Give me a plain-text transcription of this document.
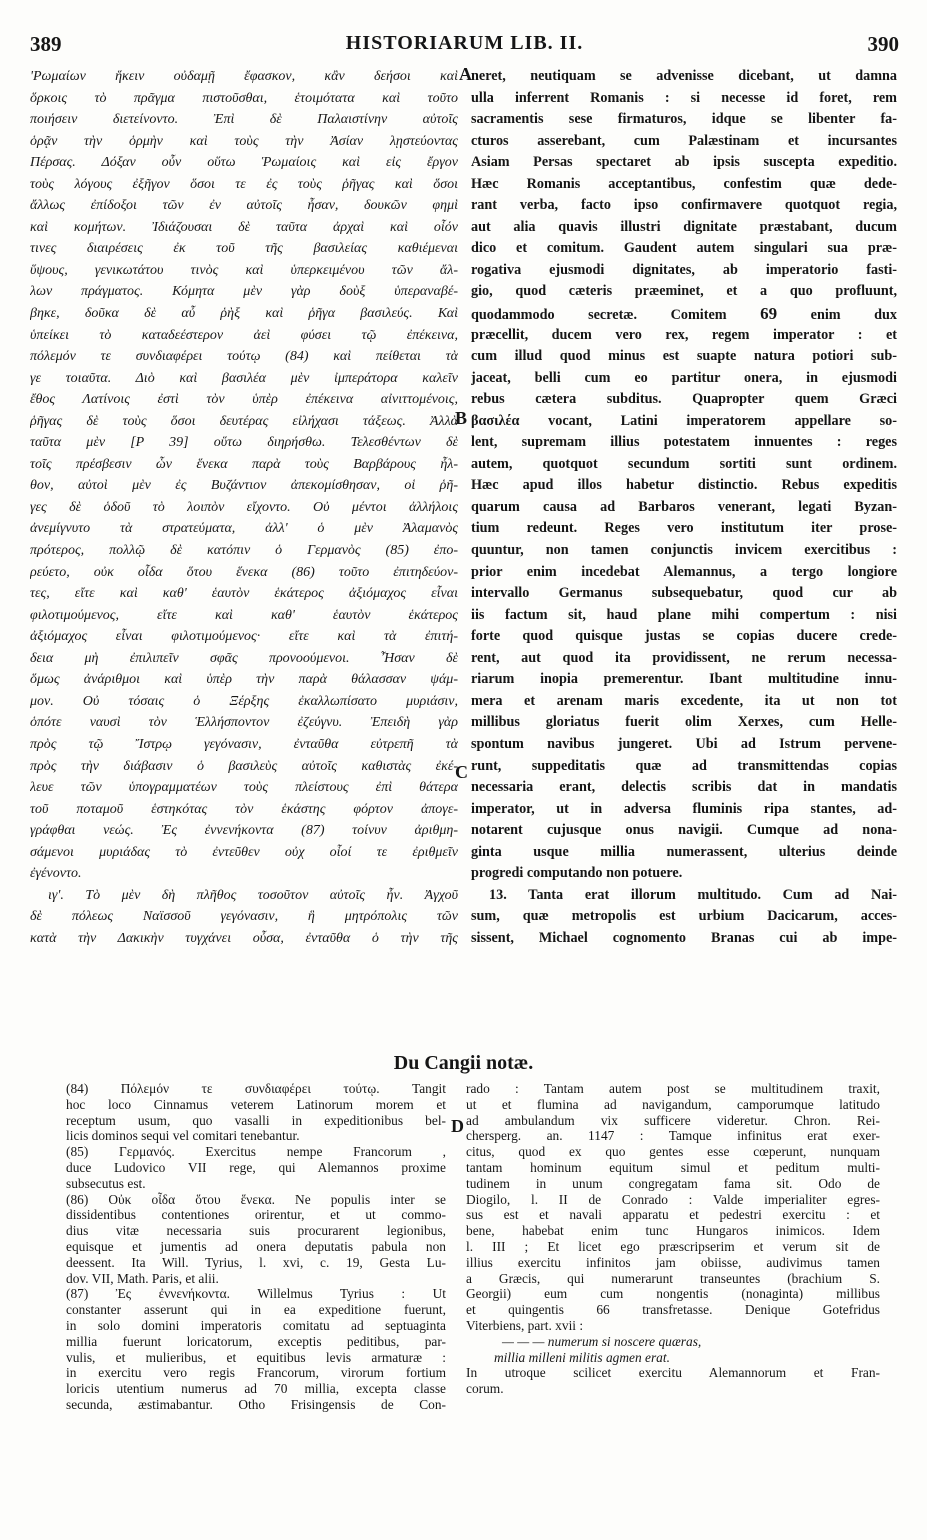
389	HISTORIARUM LIB. II.	390
'Ρωμαίων ἥκειν οὐδαμῇ ἔφασκον, κἂν δεήσοι καὶ
ὅρκοις τὸ πρᾶγμα πιστοῦσθαι, ἑτοιμότατα καὶ τοῦτο
ποιήσειν διετείνοντο. Ἐπὶ δὲ Παλαιστίνην αὐτοῖς
ὁρᾷν τὴν ὁρμὴν καὶ τοὺς τὴν Ἀσίαν λῃστεύοντας
Πέρσας. Δόξαν οὖν οὕτω Ῥωμαίοις καὶ εἰς ἔργον
τοὺς λόγους ἐξῆγον ὅσοι τε ἐς τοὺς ῥῆγας καὶ ὅσοι
ἄλλως ἐπίδοξοι τῶν ἐν αὐτοῖς ἦσαν, δουκῶν φημὶ
καὶ κομήτων. Ἰδιάζουσαι δὲ ταῦτα ἀρχαὶ καὶ οἷόν
τινες διαιρέσεις ἐκ τοῦ τῆς βασιλείας καθιέμεναι
ὕψους, γενικωτάτου τινὸς καὶ ὑπερκειμένου τῶν ἄλ-
λων πράγματος. Κόμητα μὲν γὰρ δοὺξ ὑπεραναβέ-
βηκε, δοῦκα δὲ αὖ ῥὴξ καὶ ῥῆγα βασιλεύς. Καὶ
ὑπείκει τὸ καταδεέστερον ἀεὶ φύσει τῷ ἐπέκεινα,
πόλεμόν τε συνδιαφέρει τούτῳ (84) καὶ πείθεται τὰ
γε τοιαῦτα. Διὸ καὶ βασιλέα μὲν ἰμπεράτορα καλεῖν
ἔθος Λατίνοις ἐστὶ τὸν ὑπὲρ ἐπέκεινα αἰνιττομένοις,
ῥῆγας δὲ τοὺς ὅσοι δευτέρας εἰλήχασι τάξεως. Ἀλλὰ
ταῦτα μὲν [P 39] οὕτω διηρήσθω. Τελεσθέντων δὲ
τοῖς πρέσβεσιν ὧν ἕνεκα παρὰ τοὺς Βαρβάρους ἦλ-
θον, αὐτοὶ μὲν ἐς Βυζάντιον ἀπεκομίσθησαν, οἱ ῥῆ-
γες δὲ ὁδοῦ τὸ λοιπὸν εἴχοντο. Οὐ μέντοι ἀλλήλοις
ἀνεμίγνυτο τὰ στρατεύματα, ἀλλ' ὁ μὲν Ἀλαμανὸς
πρότερος, πολλῷ δὲ κατόπιν ὁ Γερμανὸς (85) ἐπο-
ρεύετο, οὐκ οἶδα ὅτου ἕνεκα (86) τοῦτο ἐπιτηδεύον-
τες, εἴτε καὶ καθ' ἑαυτὸν ἑκάτερος ἀξιόμαχος εἶναι
φιλοτιμούμενος, εἴτε καὶ καθ' ἑαυτὸν ἑκάτερος
ἀξιόμαχος εἶναι φιλοτιμούμενος· εἴτε καὶ τὰ ἐπιτή-
δεια μὴ ἐπιλιπεῖν σφᾶς προνοούμενοι. Ἦσαν δὲ
ὅμως ἀνάριθμοι καὶ ὑπὲρ τὴν παρὰ θάλασσαν ψάμ-
μον. Οὐ τόσαις ὁ Ξέρξης ἐκαλλωπίσατο μυριάσιν,
ὁπότε ναυσὶ τὸν Ἑλλήσποντον ἐζεύγνυ. Ἐπειδὴ γὰρ
πρὸς τῷ Ἴστρῳ γεγόνασιν, ἐνταῦθα εὐτρεπῆ τὰ
πρὸς τὴν διάβασιν ὁ βασιλεὺς αὐτοῖς καθιστὰς ἐκέ-
λευε τῶν ὑπογραμματέων τοὺς πλείστους ἐπὶ θάτερα
τοῦ ποταμοῦ ἑστηκότας τὸν ἑκάστης φόρτον ἀπογε-
γράφθαι νεώς. Ἐς ἐννενήκοντα (87) τοίνυν ἀριθμη-
σάμενοι μυριάδας τὸ ἐντεῦθεν οὐχ οἷοί τε ἐριθμεῖν
ἐγένοντο.
ιγ'. Τὸ μὲν δὴ πλῆθος τοσοῦτον αὐτοῖς ἦν. Ἀγχοῦ
δὲ πόλεως Ναϊσσοῦ γεγόνασιν, ἣ μητρόπολις τῶν
κατὰ τὴν Δακικὴν τυγχάνει οὖσα, ἐνταῦθα ὁ τὴν τῆς
neret, neutiquam se advenisse dicebant, ut damna
ulla inferrent Romanis : si necesse id foret, rem
sacramentis sese firmaturos, idque se libenter fa-
cturos asserebant, cum Palæstinam et incursantes
Asiam Persas spectaret ab ipsis suscepta expeditio.
Hæc Romanis acceptantibus, confestim quæ dede-
rant verba, facto ipso confirmavere quotquot regia,
aut alia quavis illustri dignitate præstabant, ducum
dico et comitum. Gaudent autem singulari sua præ-
rogativa ejusmodi dignitates, ab imperatorio fasti-
gio, quod cæteris præeminet, et a quo profluunt,
quodammodo secretæ. Comitem 69 enim dux
præcellit, ducem vero rex, regem imperator : et
cum illud quod minus est suapte natura potiori sub-
jaceat, belli cum eo partitur onera, in ejusmodi
rebus cætera subditus. Quapropter quem Græci
βασιλέα vocant, Latini imperatorem appellare so-
lent, supremam illius potestatem innuentes : reges
autem, quotquot secundum sortiti sunt ordinem.
Hæc apud illos habetur distinctio. Rebus expeditis
quarum causa ad Barbaros venerant, legati Byzan-
tium redeunt. Reges vero institutum iter prose-
quuntur, non tamen conjunctis invicem exercitibus :
prior enim incedebat Alemannus, a tergo longiore
intervallo Germanus subsequebatur, quod cur ab
iis factum sit, haud plane mihi compertum : nisi
forte quod quisque justas se copias ducere crede-
rent, aut quod ita providissent, ne rerum necessa-
riarum inopia premerentur. Ibant multitudine innu-
mera et arenam maris excedente, ita ut non tot
millibus gloriatus fuerit olim Xerxes, cum Helle-
spontum navibus jungeret. Ubi ad Istrum pervene-
runt, suppeditatis quæ ad transmittendas copias
necessaria erant, delectis scribis dat in mandatis
imperator, ut in adversa fluminis ripa stantes, ad-
notarent cujusque onus navigii. Cumque ad nona-
ginta usque millia numerassent, ulterius deinde
progredi computando non potuere.
13. Tanta erat illorum multitudo. Cum ad Nai-
sum, quæ metropolis est urbium Dacicarum, acces-
sissent, Michael cognomento Branas cui ab impe-
A
B
C
D
Du Cangii notæ.
(84) Πόλεμόν τε συνδιαφέρει τούτῳ. Tangit
hoc loco Cinnamus veterem Latinorum morem et
receptum usum, quo vasalli in expeditionibus bel-
licis dominos sequi vel comitari tenebantur.
(85) Γερμανός. Exercitus nempe Francorum ,
duce Ludovico VII rege, qui Alemannos proxime
subsecutus est.
(86) Οὐκ οἶδα ὅτου ἕνεκα. Ne populis inter se
dissidentibus contentiones orirentur, et ut commo-
dius vitæ necessaria suis procurarent legionibus,
equisque et jumentis ad onera deputatis pabula non
deessent. Ita Will. Tyrius, l. xvi, c. 19, Gesta Lu-
dov. VII, Math. Paris, et alii.
(87) Ἐς ἐννενήκοντα. Willelmus Tyrius : Ut
constanter asserunt qui in ea expeditione fuerunt,
in solo domini imperatoris comitatu ad septuaginta
millia fuerunt loricatorum, exceptis peditibus, par-
vulis, et mulieribus, et equitibus levis armaturæ :
in exercitu vero regis Francorum, virorum fortium
loricis utentium numerus ad 70 millia, excepta classe
secunda, æstimabantur. Otho Frisingensis de Con-
rado : Tantam autem post se multitudinem traxit,
ut et flumina ad navigandum, camporumque latitudo
ad ambulandum vix sufficere videretur. Chron. Rei-
chersperg. an. 1147 : Tamque infinitus erat exer-
citus, quod ex quo gentes esse cœperunt, nunquam
tantam hominum equitum simul et peditum multi-
tudinem in unum congregatam fama sit. Odo de
Diogilo, l. II de Conrado : Valde imperialiter egres-
sus est et navali apparatu et pedestri exercitu : et
bene, habebat enim tunc Hungaros inimicos. Idem
l. III ; Et licet ego præscripserim et verum sit de
illius exercitu infinitos jam obiisse, audivimus tamen
a Græcis, qui numerarunt transeuntes (brachium S.
Georgii) eum cum nongentis (nonaginta) millibus
et quingentis 66 transfretasse. Denique Gotefridus
Viterbiens, part. xvii :
— — — numerum si noscere quæras,
millia milleni militis agmen erat.
In utroque scilicet exercitu Alemannorum et Fran-
corum.
